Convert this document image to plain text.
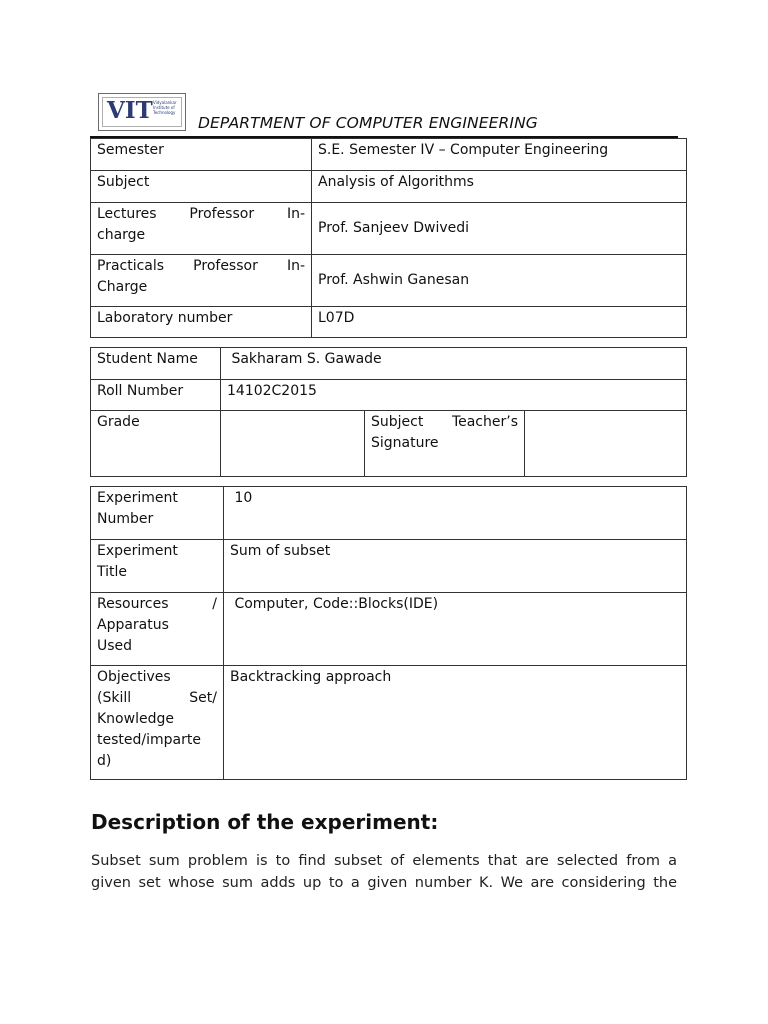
VIT Vidyalankar Institute of Technology
DEPARTMENT OF COMPUTER ENGINEERING
Semester	S.E. Semester IV – Computer Engineering
Subject	Analysis of Algorithms

Lectures Professor In-
charge	Prof. Sanjeev Dwivedi

Practicals Professor In-
Charge	Prof. Ashwin Ganesan
Laboratory number	L07D
Student Name	Sakharam S. Gawade		
Roll Number	14102C2015		
Grade		Subject Teacher’s
Signature	
Experiment
Number	10

Experiment
Title	Sum of subset

Resources /
Apparatus
Used	Computer, Code::Blocks(IDE)

Objectives
(Skill Set/
Knowledge
tested/imparte
d)	Backtracking approach
Description of the experiment:
Subset sum problem is to find subset of elements that are selected from a
given set whose sum adds up to a given number K. We are considering the
